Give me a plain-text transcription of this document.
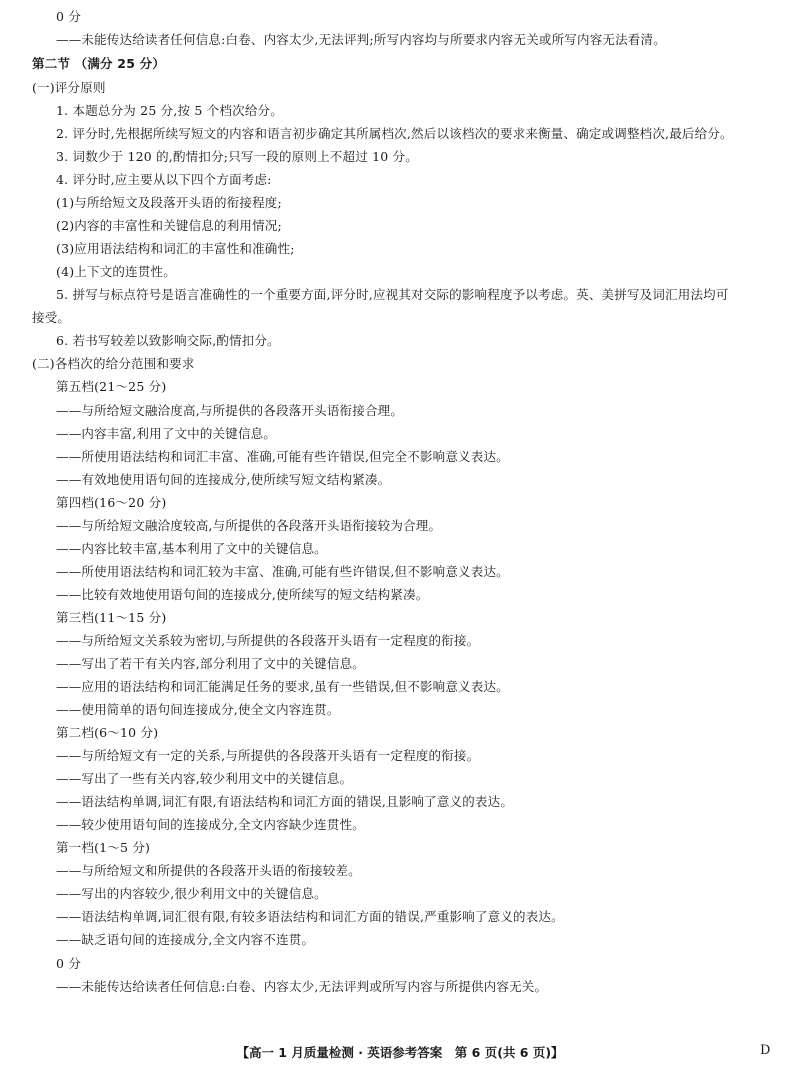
0 分
——未能传达给读者任何信息:白卷、内容太少,无法评判;所写内容均与所要求内容无关或所写内容无法看清。
第二节 （满分 25 分）
(一)评分原则
1. 本题总分为 25 分,按 5 个档次给分。
2. 评分时,先根据所续写短文的内容和语言初步确定其所属档次,然后以该档次的要求来衡量、确定或调整档次,最后给分。
3. 词数少于 120 的,酌情扣分;只写一段的原则上不超过 10 分。
4. 评分时,应主要从以下四个方面考虑:
(1)与所给短文及段落开头语的衔接程度;
(2)内容的丰富性和关键信息的利用情况;
(3)应用语法结构和词汇的丰富性和准确性;
(4)上下文的连贯性。
5. 拼写与标点符号是语言准确性的一个重要方面,评分时,应视其对交际的影响程度予以考虑。英、美拼写及词汇用法均可
接受。
6. 若书写较差以致影响交际,酌情扣分。
(二)各档次的给分范围和要求
第五档(21～25 分)
——与所给短文融洽度高,与所提供的各段落开头语衔接合理。
——内容丰富,利用了文中的关键信息。
——所使用语法结构和词汇丰富、准确,可能有些许错误,但完全不影响意义表达。
——有效地使用语句间的连接成分,使所续写短文结构紧凑。
第四档(16～20 分)
——与所给短文融洽度较高,与所提供的各段落开头语衔接较为合理。
——内容比较丰富,基本利用了文中的关键信息。
——所使用语法结构和词汇较为丰富、准确,可能有些许错误,但不影响意义表达。
——比较有效地使用语句间的连接成分,使所续写的短文结构紧凑。
第三档(11～15 分)
——与所给短文关系较为密切,与所提供的各段落开头语有一定程度的衔接。
——写出了若干有关内容,部分利用了文中的关键信息。
——应用的语法结构和词汇能满足任务的要求,虽有一些错误,但不影响意义表达。
——使用简单的语句间连接成分,使全文内容连贯。
第二档(6～10 分)
——与所给短文有一定的关系,与所提供的各段落开头语有一定程度的衔接。
——写出了一些有关内容,较少利用文中的关键信息。
——语法结构单调,词汇有限,有语法结构和词汇方面的错误,且影响了意义的表达。
——较少使用语句间的连接成分,全文内容缺少连贯性。
第一档(1～5 分)
——与所给短文和所提供的各段落开头语的衔接较差。
——写出的内容较少,很少利用文中的关键信息。
——语法结构单调,词汇很有限,有较多语法结构和词汇方面的错误,严重影响了意义的表达。
——缺乏语句间的连接成分,全文内容不连贯。
0 分
——未能传达给读者任何信息:白卷、内容太少,无法评判或所写内容与所提供内容无关。
【高一 1 月质量检测 · 英语参考答案　第 6 页(共 6 页)】	D
